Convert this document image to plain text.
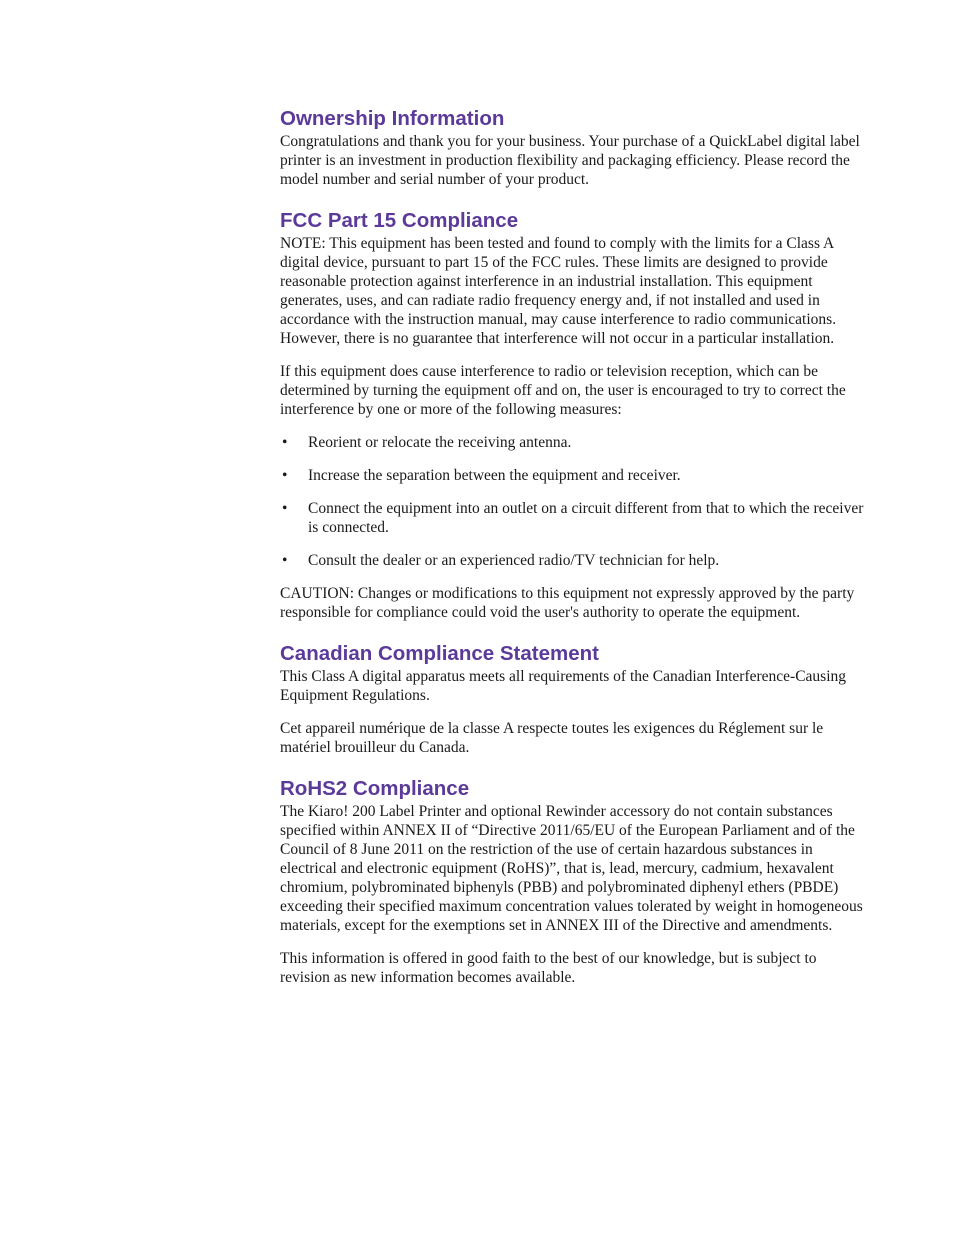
Ownership Information

Congratulations and thank you for your business. Your purchase of a QuickLabel digital label printer is an investment in production flexibility and packaging efficiency. Please record the model number and serial number of your product.

FCC Part 15 Compliance

NOTE: This equipment has been tested and found to comply with the limits for a Class A digital device, pursuant to part 15 of the FCC rules. These limits are designed to provide reasonable protection against interference in an industrial installation. This equipment generates, uses, and can radiate radio frequency energy and, if not installed and used in accordance with the instruction manual, may cause interference to radio communications. However, there is no guarantee that interference will not occur in a particular installation.

If this equipment does cause interference to radio or television reception, which can be determined by turning the equipment off and on, the user is encouraged to try to correct the interference by one or more of the following measures:

• Reorient or relocate the receiving antenna.
• Increase the separation between the equipment and receiver.
• Connect the equipment into an outlet on a circuit different from that to which the receiver is connected.
• Consult the dealer or an experienced radio/TV technician for help.

CAUTION: Changes or modifications to this equipment not expressly approved by the party responsible for compliance could void the user's authority to operate the equipment.

Canadian Compliance Statement

This Class A digital apparatus meets all requirements of the Canadian Interference-Causing Equipment Regulations.

Cet appareil numérique de la classe A respecte toutes les exigences du Réglement sur le matériel brouilleur du Canada.

RoHS2 Compliance

The Kiaro! 200 Label Printer and optional Rewinder accessory do not contain substances specified within ANNEX II of “Directive 2011/65/EU of the European Parliament and of the Council of 8 June 2011 on the restriction of the use of certain hazardous substances in electrical and electronic equipment (RoHS)”, that is, lead, mercury, cadmium, hexavalent chromium, polybrominated biphenyls (PBB) and polybrominated diphenyl ethers (PBDE) exceeding their specified maximum concentration values tolerated by weight in homogeneous materials, except for the exemptions set in ANNEX III of the Directive and amendments.

This information is offered in good faith to the best of our knowledge, but is subject to revision as new information becomes available.
